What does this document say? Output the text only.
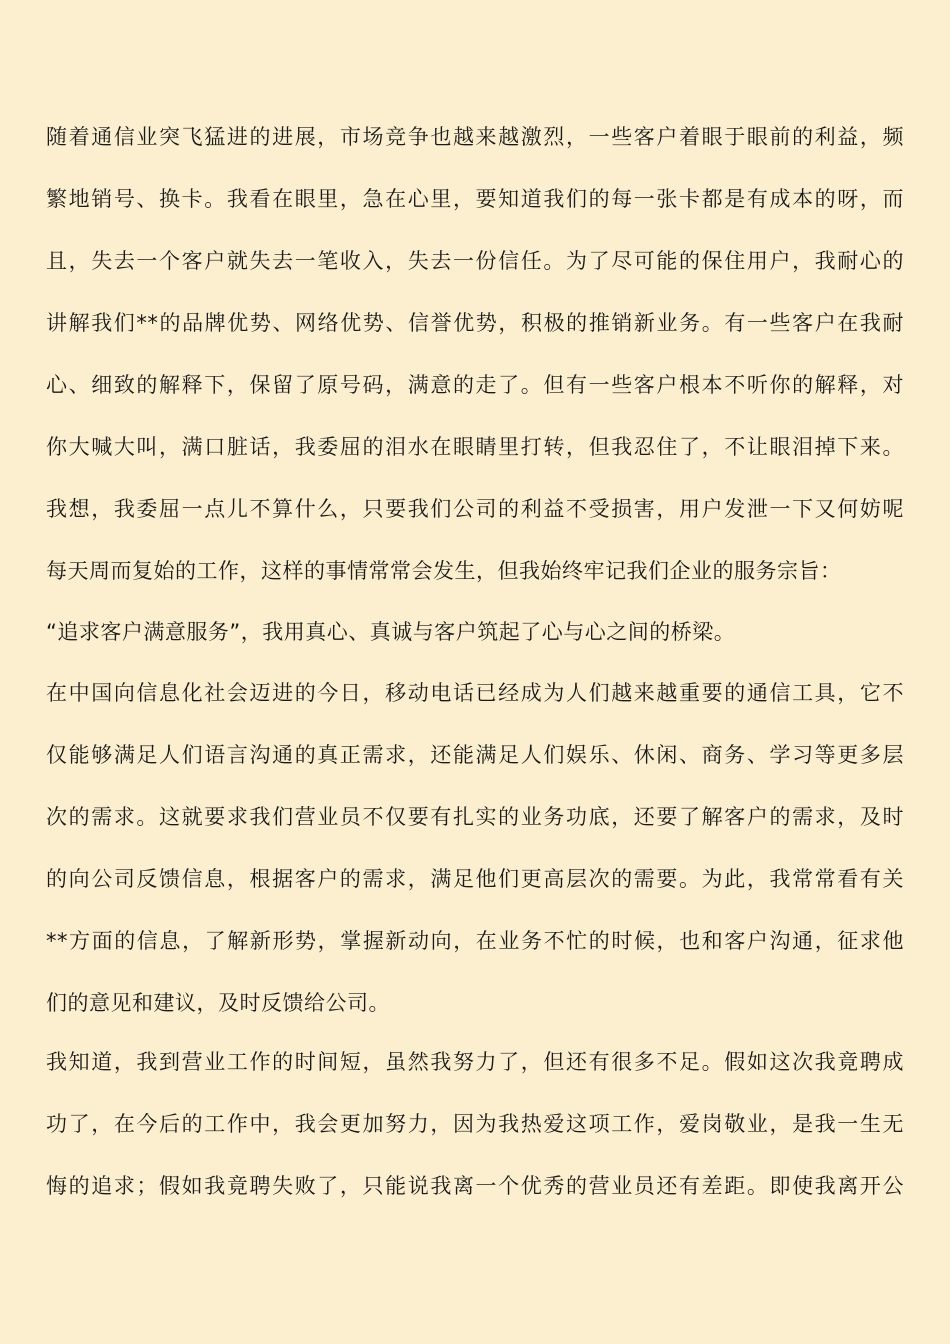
随着通信业突飞猛进的进展，市场竞争也越来越激烈，一些客户着眼于眼前的利益，频
繁地销号、换卡。我看在眼里，急在心里，要知道我们的每一张卡都是有成本的呀，而
且，失去一个客户就失去一笔收入，失去一份信任。为了尽可能的保住用户，我耐心的
讲解我们**的品牌优势、网络优势、信誉优势，积极的推销新业务。有一些客户在我耐
心、细致的解释下，保留了原号码，满意的走了。但有一些客户根本不听你的解释，对
你大喊大叫，满口脏话，我委屈的泪水在眼睛里打转，但我忍住了，不让眼泪掉下来。
我想，我委屈一点儿不算什么，只要我们公司的利益不受损害，用户发泄一下又何妨呢
每天周而复始的工作，这样的事情常常会发生，但我始终牢记我们企业的服务宗旨：
“追求客户满意服务”，我用真心、真诚与客户筑起了心与心之间的桥梁。
在中国向信息化社会迈进的今日，移动电话已经成为人们越来越重要的通信工具，它不
仅能够满足人们语言沟通的真正需求，还能满足人们娱乐、休闲、商务、学习等更多层
次的需求。这就要求我们营业员不仅要有扎实的业务功底，还要了解客户的需求，及时
的向公司反馈信息，根据客户的需求，满足他们更高层次的需要。为此，我常常看有关
**方面的信息，了解新形势，掌握新动向，在业务不忙的时候，也和客户沟通，征求他
们的意见和建议，及时反馈给公司。
我知道，我到营业工作的时间短，虽然我努力了，但还有很多不足。假如这次我竟聘成
功了，在今后的工作中，我会更加努力，因为我热爱这项工作，爱岗敬业，是我一生无
悔的追求；假如我竟聘失败了，只能说我离一个优秀的营业员还有差距。即使我离开公
